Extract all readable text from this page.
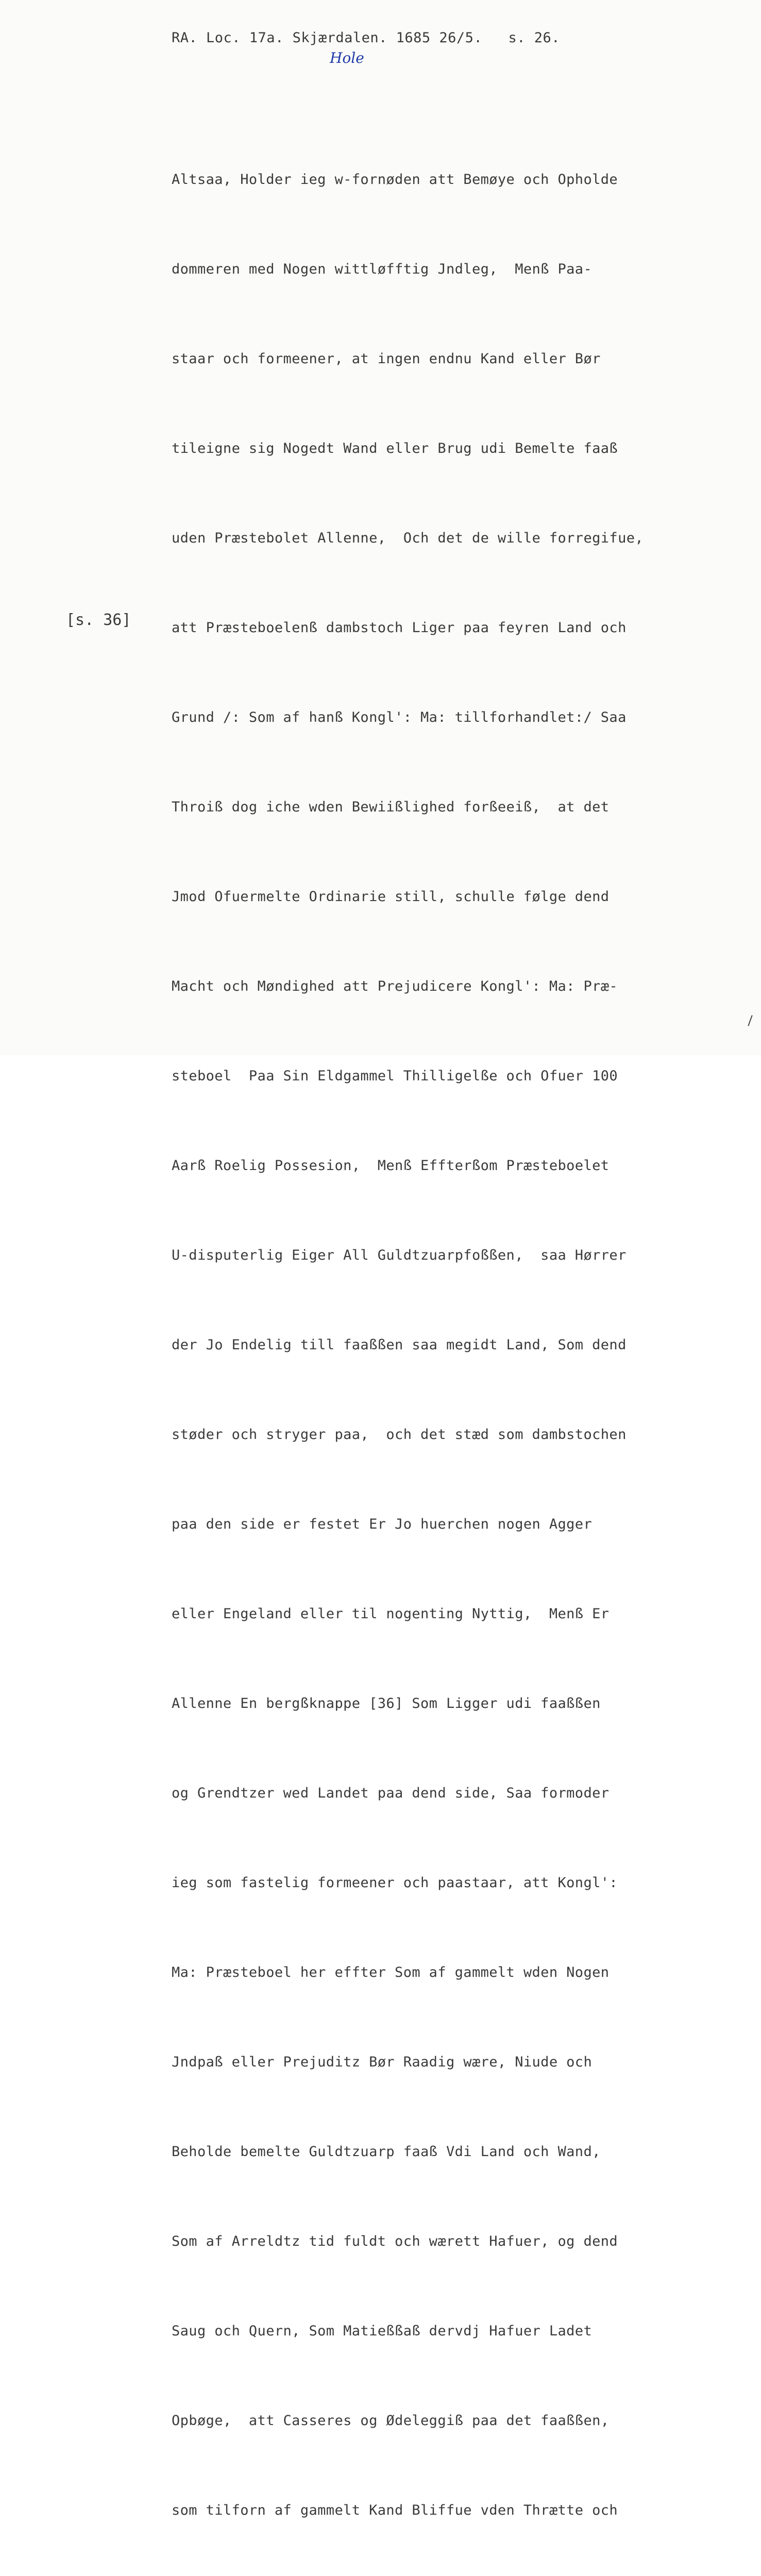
RA. Loc. 17a. Skjærdalen. 1685 26/5.   s. 26.
Hole
[s. 36]

Altsaa, Holder ieg w-fornøden att Bemøye och Opholde

dommeren med Nogen wittløfftig Jndleg,  Menß Paa-

staar och formeener, at ingen endnu Kand eller Bør

tileigne sig Nogedt Wand eller Brug udi Bemelte faaß

uden Præstebolet Allenne,  Och det de wille forregifue,

att Præsteboelenß dambstoch Liger paa feyren Land och

Grund /: Som af hanß Kongl': Ma: tillforhandlet:/ Saa

Throiß dog iche wden Bewiißlighed forßeeiß,  at det

Jmod Ofuermelte Ordinarie still, schulle følge dend

Macht och Møndighed att Prejudicere Kongl': Ma: Præ-

steboel  Paa Sin Eldgammel Thilligelße och Ofuer 100

Aarß Roelig Possesion,  Menß Effterßom Præsteboelet

U-disputerlig Eiger All Guldtzuarpfoßßen,  saa Hørrer

der Jo Endelig till faaßßen saa megidt Land, Som dend

støder och stryger paa,  och det stæd som dambstochen

paa den side er festet Er Jo huerchen nogen Agger

eller Engeland eller til nogenting Nyttig,  Menß Er

Allenne En bergßknappe [36] Som Ligger udi faaßßen

og Grendtzer wed Landet paa dend side, Saa formoder

ieg som fastelig formeener och paastaar, att Kongl':

Ma: Præsteboel her effter Som af gammelt wden Nogen

Jndpaß eller Prejuditz Bør Raadig wære, Niude och

Beholde bemelte Guldtzuarp faaß Vdi Land och Wand,

Som af Arreldtz tid fuldt och wærett Hafuer, og dend

Saug och Quern, Som Matießßaß dervdj Hafuer Ladet

Opbøge,  att Casseres og Ødeleggiß paa det faaßßen,

som tilforn af gammelt Kand Bliffue vden Thrætte och
